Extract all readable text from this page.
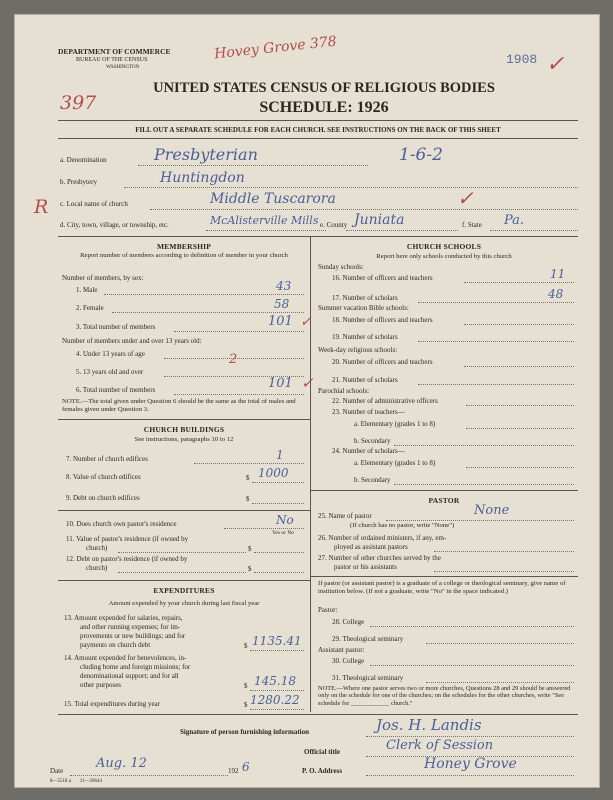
DEPARTMENT OF COMMERCE
BUREAU OF THE CENSUS
WASHINGTON
Hovey Grove 378	1908 ✓
397
UNITED STATES CENSUS OF RELIGIOUS BODIES
SCHEDULE: 1926
FILL OUT A SEPARATE SCHEDULE FOR EACH CHURCH. SEE INSTRUCTIONS ON THE BACK OF THIS SHEET
a. Denomination	Presbyterian	1-6-2
b. Presbytery	Huntingdon
c. Local name of church	Middle Tuscarora	✓
R
d. City, town, village, or township, etc.	McAlisterville Mills e. County Juniata	f. State Pa.
MEMBERSHIP
Report number of members according to definition of member in your church
Number of members, by sex:
1. Male	43
2. Female	58
3. Total number of members	101 ✓
Number of members under and over 13 years old:
4. Under 13 years of age	2
5. 13 years old and over
6. Total number of members	101 ✓
NOTE.—The total given under Question 6 should be the same as the total of males and females given under Question 3.
CHURCH BUILDINGS
See instructions, paragraphs 10 to 12
7. Number of church edifices	1
8. Value of church edifices	$ 1000
9. Debt on church edifices	$
10. Does church own pastor's residence	No
Yes or No
11. Value of pastor's residence (if owned by
church)	$
12. Debt on pastor's residence (if owned by
church)	$
EXPENDITURES
Amount expended by your church during last fiscal year
13. Amount expended for salaries, repairs,
and other running expenses; for im-
provements or new buildings; and for
payments on church debt	$ 1135.41
14. Amount expended for benevolences, in-
cluding home and foreign missions; for
denominational support; and for all
other purposes	$ 145.18
15. Total expenditures during year	$ 1280.22
CHURCH SCHOOLS
Report here only schools conducted by this church
Sunday schools:
16. Number of officers and teachers	11
17. Number of scholars	48
Summer vacation Bible schools:
18. Number of officers and teachers
19. Number of scholars
Week-day religious schools:
20. Number of officers and teachers
21. Number of scholars
Parochial schools:
22. Number of administrative officers
23. Number of teachers—
a. Elementary (grades 1 to 8)
b. Secondary
24. Number of scholars—
a. Elementary (grades 1 to 8)
b. Secondary
PASTOR
25. Name of pastor	None
(If church has no pastor, write "None")
26. Number of ordained ministers, if any, em-
ployed as assistant pastors
27. Number of other churches served by the
pastor or his assistants
If pastor (or assistant pastor) is a graduate of a college or theological seminary, give name of institution below. (If not a graduate, write "No" in the space indicated.)
Pastor:
28. College
29. Theological seminary
Assistant pastor:
30. College
31. Theological seminary
NOTE.—Where one pastor serves two or more churches, Questions 28 and 29 should be answered only on the schedule for one of the churches; on the schedules for the other churches, write "See schedule for ____________ church."
Signature of person furnishing information	Jos. H. Landis
Official title	Clerk of Session
Date	Aug. 12	192 6	P. O. Address	Honey Grove
8—5518 a       11—20644
